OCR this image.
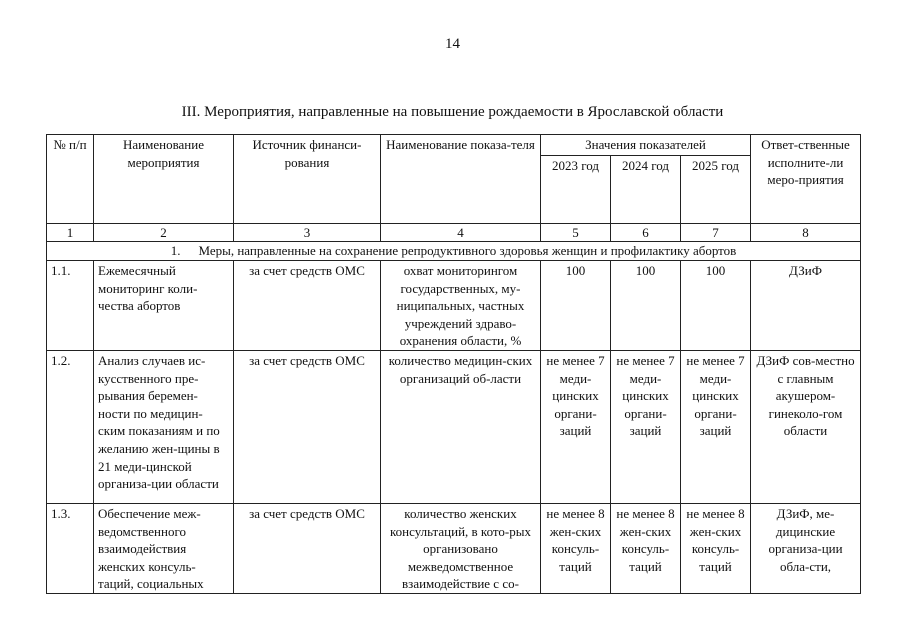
14
III. Мероприятия, направленные на повышение рождаемости в Ярославской области
№ п/п	Наименование мероприятия	Источник финанси-рования	Наименование показа-теля	Значения показателей			Ответ-ственные исполните-ли меро-приятия
				2023 год	2024 год	2025 год	
1	2	3	4	5	6	7	8
1. Меры, направленные на сохранение репродуктивного здоровья женщин и профилактику абортов							
1.1.	Ежемесячный мониторинг коли-чества абортов	за счет средств ОМС	охват мониторингом государственных, му-ниципальных, частных учреждений здраво-охранения области, %	100	100	100	ДЗиФ
1.2.	Анализ случаев ис-кусственного пре-рывания беремен-ности по медицин-ским показаниям и по желанию жен-щины в 21 меди-цинской организа-ции области	за счет средств ОМС	количество медицин-ских организаций об-ласти	не менее 7 меди-цинских органи-заций	не менее 7 меди-цинских органи-заций	не менее 7 меди-цинских органи-заций	ДЗиФ сов-местно с главным акушером-гинеколо-гом области
1.3.	Обеспечение меж-ведомственного взаимодействия женских консуль-таций, социальных	за счет средств ОМС	количество женских консультаций, в кото-рых организовано межведомственное взаимодействие с со-	не менее 8 жен-ских консуль-таций	не менее 8 жен-ских консуль-таций	не менее 8 жен-ских консуль-таций	ДЗиФ, ме-дицинские организа-ции обла-сти,
